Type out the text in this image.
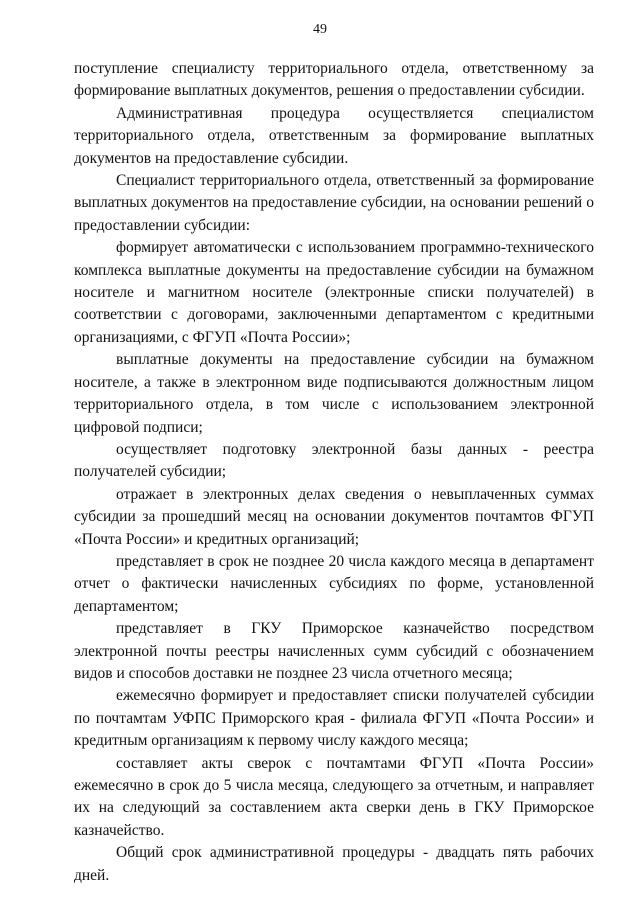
49

поступление специалисту территориального отдела, ответственному за формирование выплатных документов, решения о предоставлении субсидии.

Административная процедура осуществляется специалистом территориального отдела, ответственным за формирование выплатных документов на предоставление субсидии.

Специалист территориального отдела, ответственный за формирование выплатных документов на предоставление субсидии, на основании решений о предоставлении субсидии:

формирует автоматически с использованием программно-технического комплекса выплатные документы на предоставление субсидии на бумажном носителе и магнитном носителе (электронные списки получателей) в соответствии с договорами, заключенными департаментом с кредитными организациями, с ФГУП «Почта России»;

выплатные документы на предоставление субсидии на бумажном носителе, а также в электронном виде подписываются должностным лицом территориального отдела, в том числе с использованием электронной цифровой подписи;

осуществляет подготовку электронной базы данных - реестра получателей субсидии;

отражает в электронных делах сведения о невыплаченных суммах субсидии за прошедший месяц на основании документов почтамтов ФГУП «Почта России» и кредитных организаций;

представляет в срок не позднее 20 числа каждого месяца в департамент отчет о фактически начисленных субсидиях по форме, установленной департаментом;

представляет в ГКУ Приморское казначейство посредством электронной почты реестры начисленных сумм субсидий с обозначением видов и способов доставки не позднее 23 числа отчетного месяца;

ежемесячно формирует и предоставляет списки получателей субсидии по почтамтам УФПС Приморского края - филиала ФГУП «Почта России» и кредитным организациям к первому числу каждого месяца;

составляет акты сверок с почтамтами ФГУП «Почта России» ежемесячно в срок до 5 числа месяца, следующего за отчетным, и направляет их на следующий за составлением акта сверки день в ГКУ Приморское казначейство.

Общий срок административной процедуры - двадцать пять рабочих дней.
